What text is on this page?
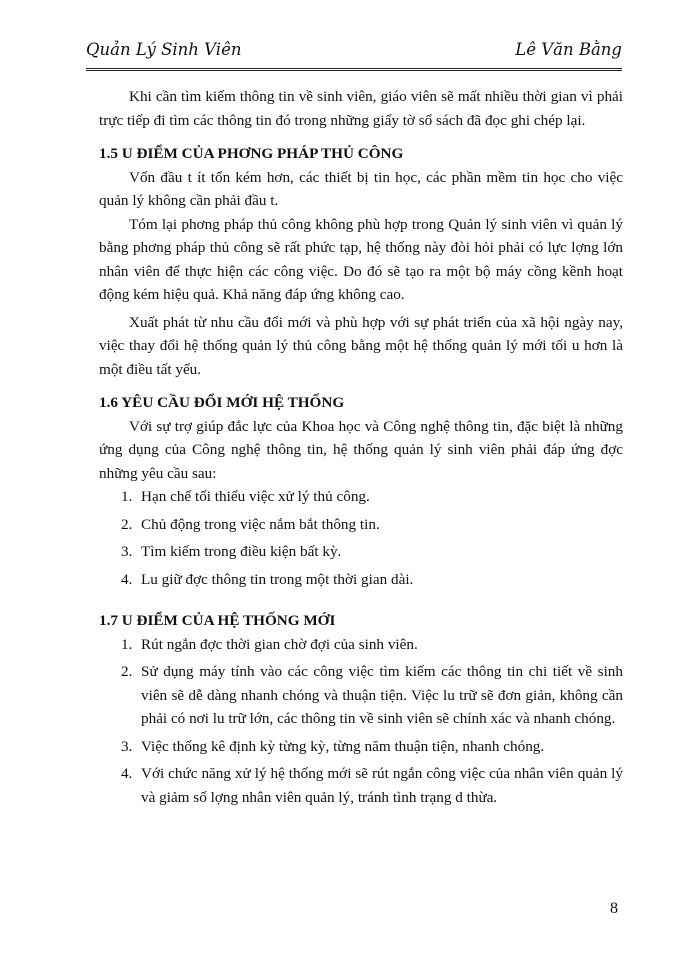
Quản Lý Sinh Viên	Lê Văn Bằng

Khi cần tìm kiếm thông tin về sinh viên, giáo viên sẽ mất nhiều thời gian vì phải trực tiếp đi tìm các thông tin đó trong những giấy tờ sổ sách đã đọc ghi chép lại.

1.5 U ĐIỂM CỦA PHƠNG PHÁP THỦ CÔNG

Vốn đầu t ít tốn kém hơn, các thiết bị tin học, các phần mềm tin học cho việc quản lý không cần phải đầu t.

Tóm lại phơng pháp thủ công không phù hợp trong Quản lý sinh viên vì quản lý bằng phơng pháp thủ công sẽ rất phức tạp, hệ thống này đòi hỏi phải có lực lợng lớn nhân viên để thực hiện các công việc. Do đó sẽ tạo ra một bộ máy cồng kềnh hoạt động kém hiệu quả. Khả năng đáp ứng không cao.

Xuất phát từ nhu cầu đổi mới và phù hợp với sự phát triển của xã hội ngày nay, việc thay đổi hệ thống quản lý thủ công bằng một hệ thống quản lý mới tối u hơn là một điều tất yếu.

1.6 YÊU CẦU ĐỔI MỚI HỆ THỐNG

Với sự trợ giúp đắc lực của Khoa học và Công nghệ thông tin, đặc biệt là những ứng dụng của Công nghệ thông tin, hệ thống quản lý sinh viên phải đáp ứng đợc những yêu cầu sau:

1. Hạn chế tối thiểu việc xử lý thủ công.
2. Chủ động trong việc nắm bắt thông tin.
3. Tìm kiếm trong điều kiện bất kỳ.
4. Lu giữ đợc thông tin trong một thời gian dài.
1.7 U ĐIỂM CỦA HỆ THỐNG MỚI
1. Rút ngắn đợc thời gian chờ đợi của sinh viên.
2. Sử dụng máy tính vào các công việc tìm kiếm các thông tin chi tiết về sinh viên sẽ dễ dàng nhanh chóng và thuận tiện. Việc lu trữ sẽ đơn giản, không cần phải có nơi lu trữ lớn, các thông tin về sinh viên sẽ chính xác và nhanh chóng.
3. Việc thống kê định kỳ từng kỳ, từng năm thuận tiện, nhanh chóng.
4. Với chức năng xử lý hệ thống mới sẽ rút ngắn công việc của nhân viên quản lý và giảm số lợng nhân viên quản lý, tránh tình trạng d thừa.
8
